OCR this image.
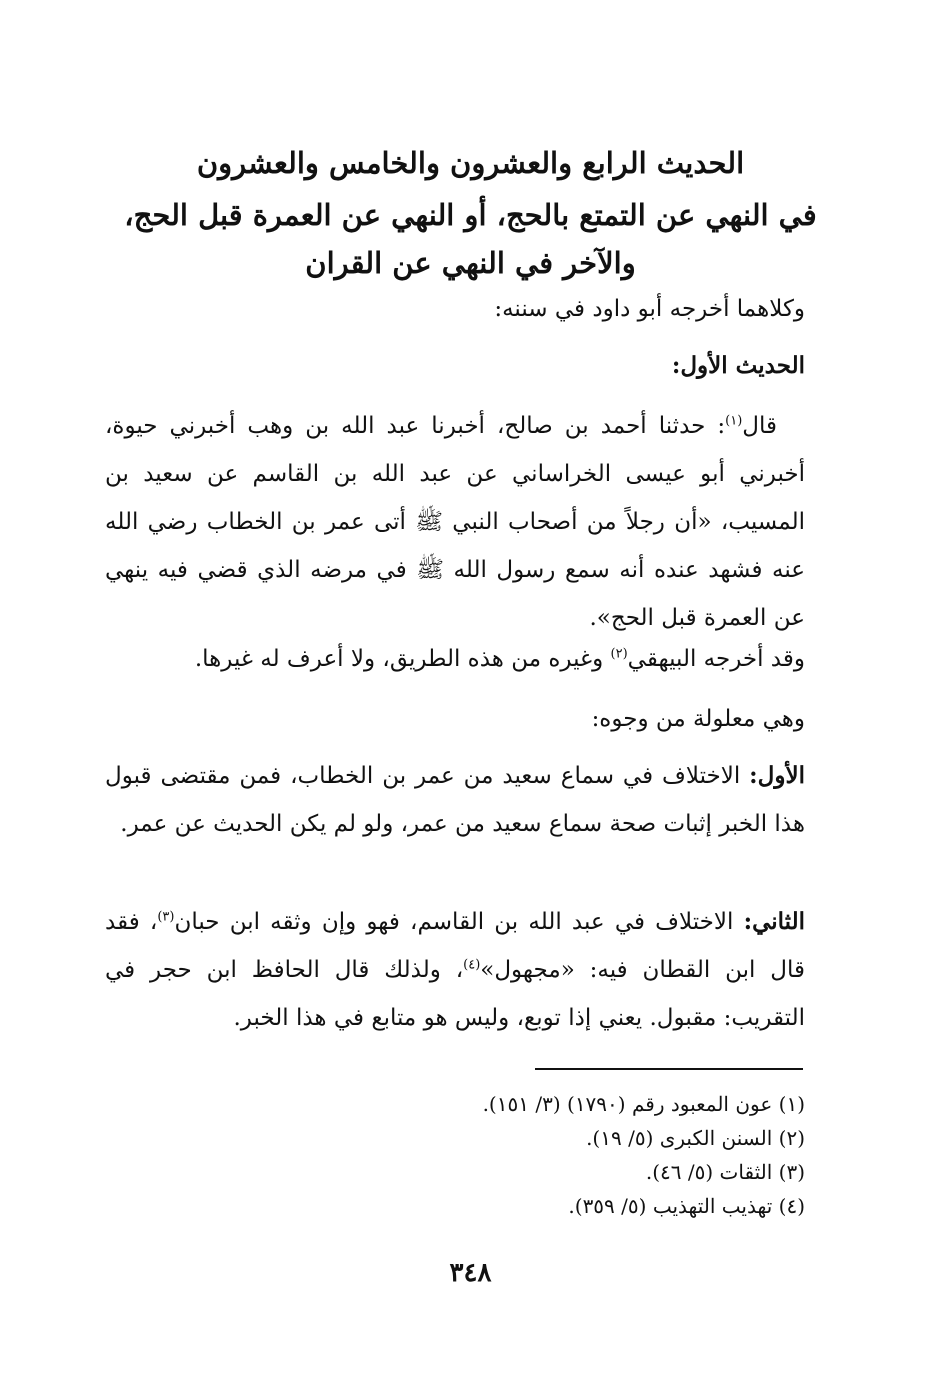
الحديث الرابع والعشرون والخامس والعشرون
في النهي عن التمتع بالحج، أو النهي عن العمرة قبل الحج،
والآخر في النهي عن القران
وكلاهما أخرجه أبو داود في سننه:
الحديث الأول:
قال$^{(١)}$: حدثنا أحمد بن صالح، أخبرنا عبد الله بن وهب أخبرني حيوة، أخبرني أبو عيسى الخراساني عن عبد الله بن القاسم عن سعيد بن المسيب، «أن رجلاً من أصحاب النبي ﷺ أتى عمر بن الخطاب رضي الله عنه فشهد عنده أنه سمع رسول الله ﷺ في مرضه الذي قضي فيه ينهي عن العمرة قبل الحج».
وقد أخرجه البيهقي$^{(٢)}$ وغيره من هذه الطريق، ولا أعرف له غيرها.
وهي معلولة من وجوه:
الأول: الاختلاف في سماع سعيد من عمر بن الخطاب، فمن مقتضى قبول هذا الخبر إثبات صحة سماع سعيد من عمر، ولو لم يكن الحديث عن عمر.
الثاني: الاختلاف في عبد الله بن القاسم، فهو وإن وثقه ابن حبان$^{(٣)}$، فقد قال ابن القطان فيه: «مجهول»$^{(٤)}$، ولذلك قال الحافظ ابن حجر في التقريب: مقبول. يعني إذا توبع، وليس هو متابع في هذا الخبر.
(١) عون المعبود رقم (١٧٩٠) (٣/ ١٥١).
(٢) السنن الكبرى (٥/ ١٩).
(٣) الثقات (٥/ ٤٦).
(٤) تهذيب التهذيب (٥/ ٣٥٩).
٣٤٨
